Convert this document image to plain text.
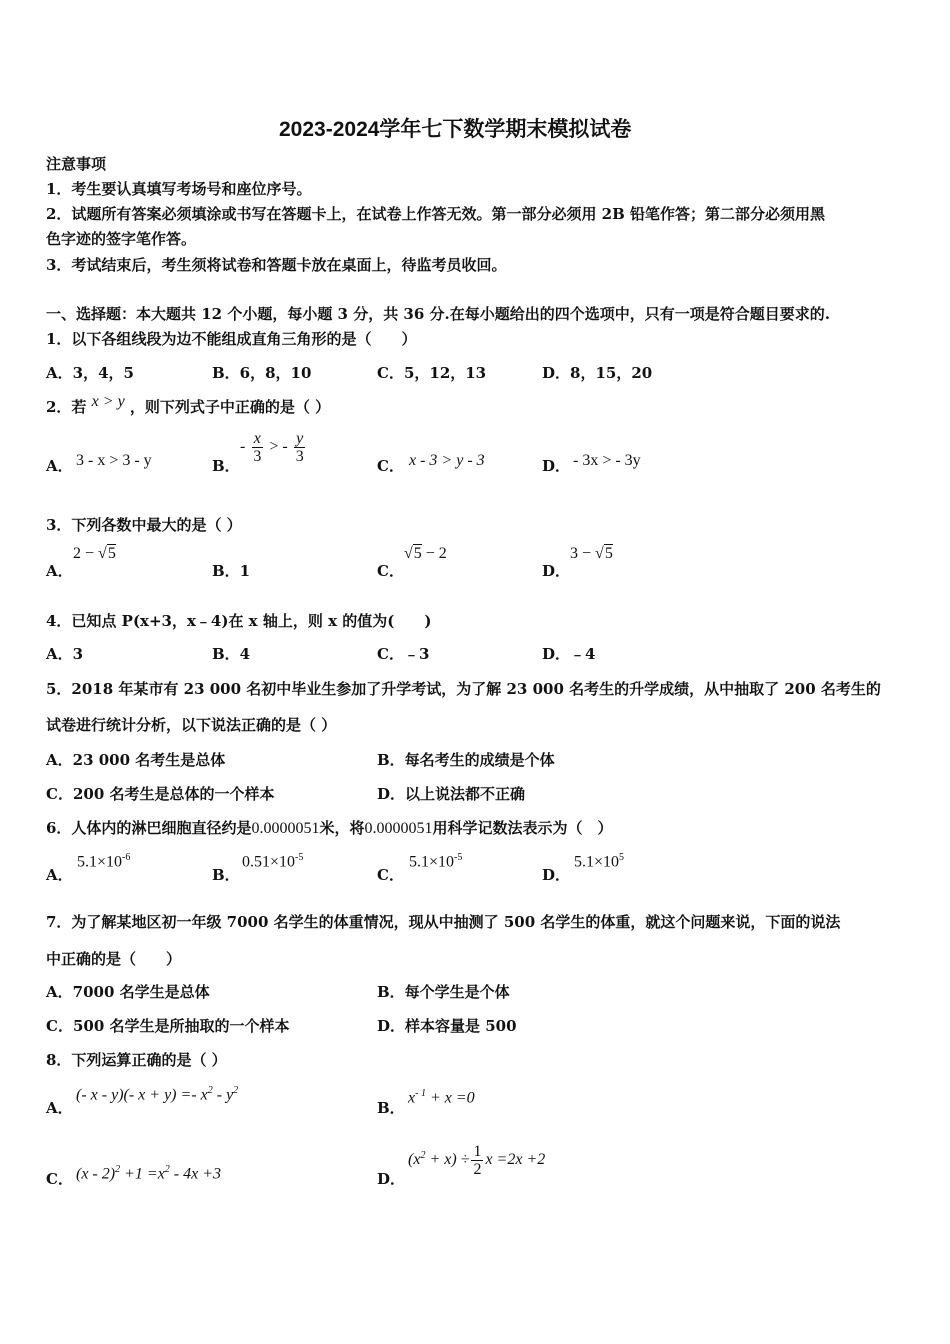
2023-2024学年七下数学期末模拟试卷
注意事项
1．考生要认真填写考场号和座位序号。
2．试题所有答案必须填涂或书写在答题卡上，在试卷上作答无效。第一部分必须用 2B 铅笔作答；第二部分必须用黑
色字迹的签字笔作答。
3．考试结束后，考生须将试卷和答题卡放在桌面上，待监考员收回。
一、选择题：本大题共 12 个小题，每小题 3 分，共 36 分.在每小题给出的四个选项中，只有一项是符合题目要求的.
1．以下各组线段为边不能组成直角三角形的是（　　）
A．3，4，5	B．6，8，10	C．5，12，13	D．8，15，20
2．若 x > y ，则下列式子中正确的是（ ）
A． 3 - x > 3 - y	B．
- $\frac{x}{3}$ > - $\frac{y}{3}$
C． x - 3 > y - 3	D． - 3x > - 3y
3．下列各数中最大的是（ ）
A．
2 − √5
B．1	C．
√5 − 2
D．
3 − √5
4．已知点 P(x+3，x﹣4)在 x 轴上，则 x 的值为(　　)
A．3	B．4	C．﹣3	D．﹣4
5．2018 年某市有 23 000 名初中毕业生参加了升学考试，为了解 23 000 名考生的升学成绩，从中抽取了 200 名考生的
试卷进行统计分析，以下说法正确的是（ ）
A．23 000 名考生是总体	B．每名考生的成绩是个体
C．200 名考生是总体的一个样本	D．以上说法都不正确
6．人体内的淋巴细胞直径约是0.0000051米，将0.0000051用科学记数法表示为（　）
A．
$5.1\times 10^{-6}$
B．
$0.51\times 10^{-5}$
C．
$5.1\times 10^{-5}$
D．
$5.1\times 10^5$
7．为了解某地区初一年级 7000 名学生的体重情况，现从中抽测了 500 名学生的体重，就这个问题来说，下面的说法
中正确的是（　　）
A．7000 名学生是总体	B．每个学生是个体
C．500 名学生是所抽取的一个样本	D．样本容量是 500
8．下列运算正确的是（ ）
A．
(- x - y)(- $x + y) =- x^2 - y^2$
B．
$x^{- 1} + x =0$
C． $(x - 2)^2 +1 =x^2 - 4x +3$	D．
$(x^2 + x) \div \frac{1}{2}$ x =2x +2
